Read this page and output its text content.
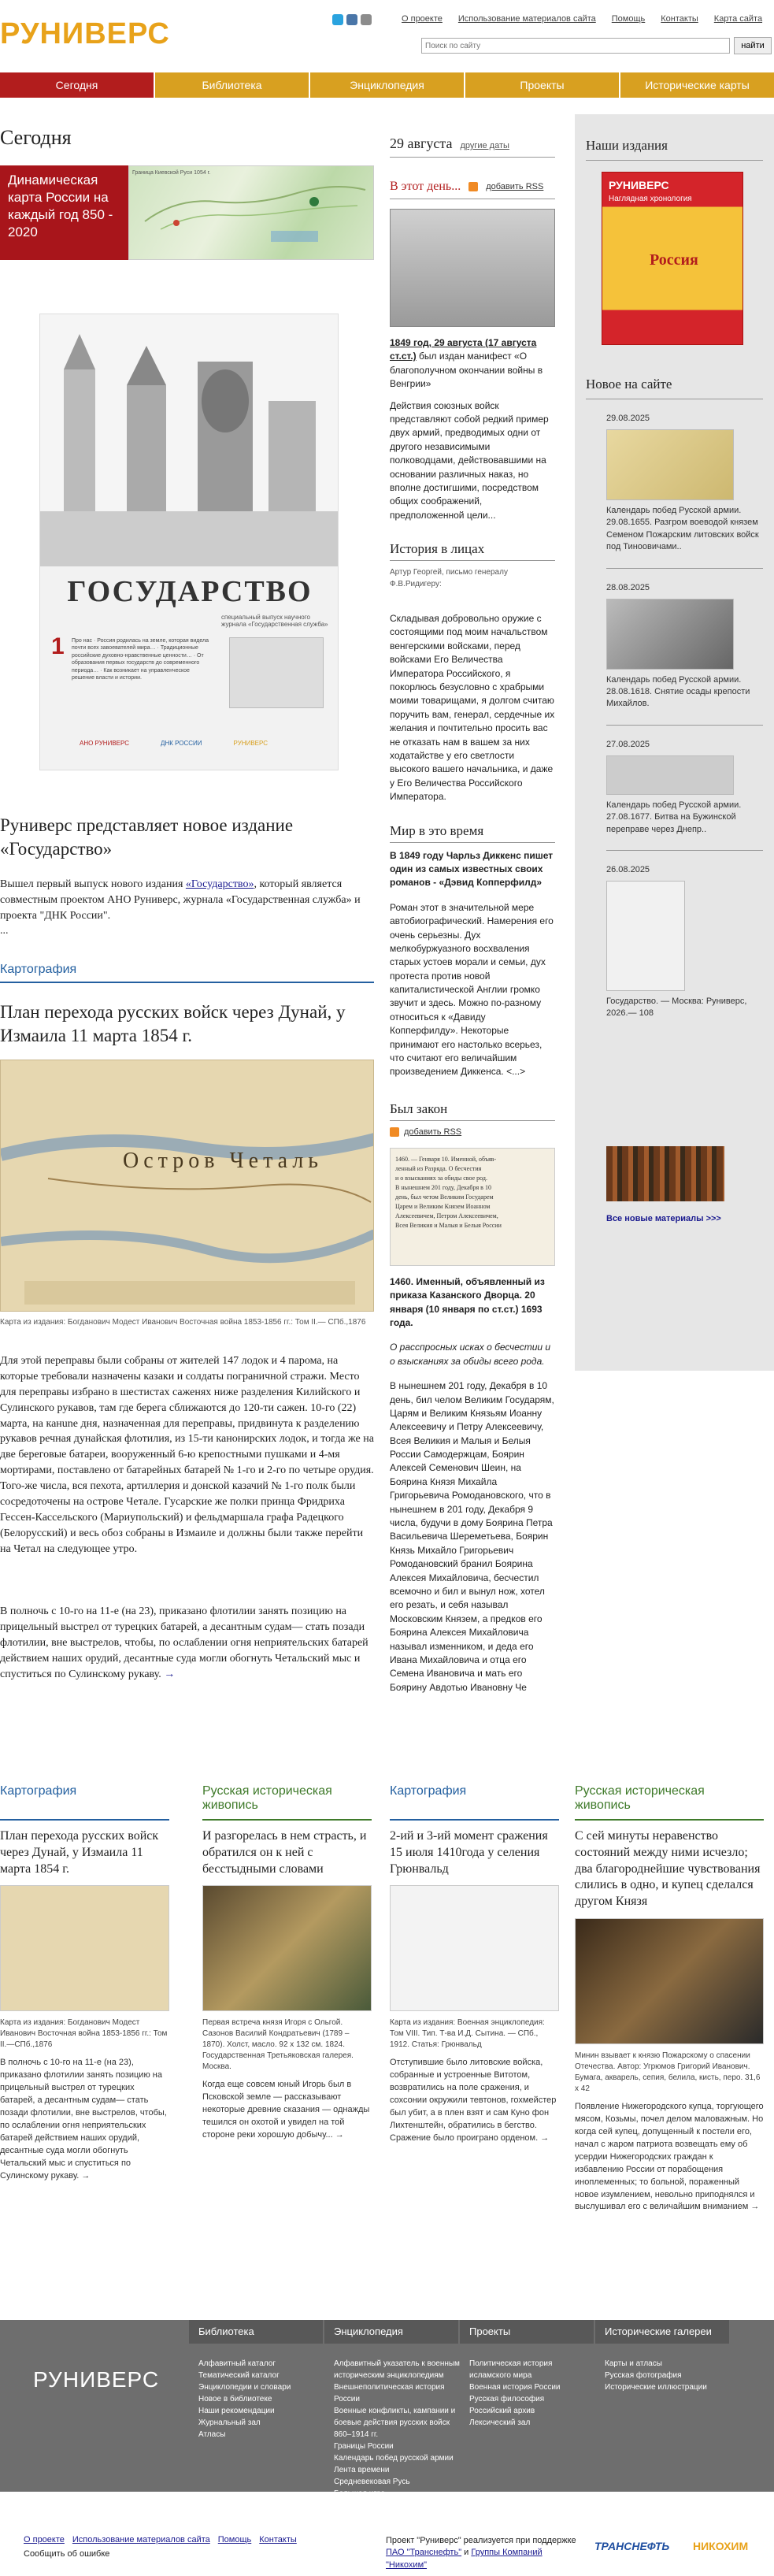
РУНИВЕРС	О проекте	Использование материалов сайта	Помощь	Контакты	Карта сайта
Поиск по сайту
найти
Сегодня	Библиотека	Энциклопедия	Проекты	Исторические карты
Сегодня
Динамическая карта России на каждый год 850 - 2020
Граница Киевской Руси 1054 г.
ГОСУДАРСТВО
специальный выпуск научного журнала «Государственная служба»
1 Про нас · Россия родилась на земле, которая видела почти всех завоевателей мира… · Традиционные российские духовно-нравственные ценности… · От образования первых государств до современного периода… · Как возникает на управленческое решение власти и истории.
АНО РУНИВЕРС	ДНК РОССИИ	РУНИВЕРС
Руниверс представляет новое издание «Государство»

Вышел первый выпуск нового издания «Государство», который является совместным проектом АНО Руниверс, журнала «Государственная служба» и проекта "ДНК России".

...

Картография
План перехода русских войск через Дунай, у Измаила 11 марта 1854 г.
Остров Четаль
Карта из издания: Богданович Модест Иванович Восточная война 1853-1856 гг.: Том II.— СПб.,1876

Для этой переправы были собраны от жителей 147 лодок и 4 парома, на которые требовали назначены казаки и солдаты пограничной стражи. Место для переправы избрано в шестистах саженях ниже разделения Килийского и Сулинского рукавов, там где берега сближаются до 120-ти сажен. 10-го (22) марта, на канune дня, назначенная для переправы, придвинута к разделению рукавов речная дунайская флотилия, из 15-ти канонирских лодок, и тогда же на две береговые батареи, вооруженный 6-ю крепостными пушками и 4-мя мортирами, поставлено от батарейных батарей № 1-го и 2-го по четыре орудия. Того-же числа, вся пехота, артиллерия и донской казачий № 1-го полк были сосредоточены на острове Четале. Гусарские же полки принца Фридриха Гессен-Кассельского (Мариупольский) и фельдмаршала графа Радецкого (Белорусский) и весь обоз собраны в Измаиле и должны были также перейти на Четал на следующее утро.

В полночь с 10-го на 11-е (на 23), приказано флотилии занять позицию на прицельный выстрел от турецких батарей, а десантным судам— стать позади флотилии, вне выстрелов, чтобы, по ослаблении огня неприятельских батарей действием наших орудий, десантные суда могли обогнуть Четальский мыс и спуститься по Сулинскому рукаву. →

29 августа другие даты
В этот день...	добавить RSS

1849 год, 29 августа (17 августа ст.ст.) был издан манифест «О благополучном окончании войны в Венгрии»

Действия союзных войск представляют собой редкий пример двух армий, предводимых одни от другого независимыми полководцами, действовавшими на основании различных наказ, но вполне достигшими, посредством общих соображений, предположенной цели...

История в лицах

Артур Георгей, письмо генералу Ф.В.Ридигеру:

Складывая добровольно оружие с состоящими под моим начальством венгерскими войсками, перед войсками Его Величества Императора Российского, я покорлюсь безусловно с храбрыми моими товарищами, я долгом считаю поручить вам, генерал, сердечные их желания и почтительно просить вас не отказать нам в вашем за них ходатайстве у его светлости высокого вашего начальника, и даже у Его Величества Российского Императора.

Мир в это время

В 1849 году Чарльз Диккенс пишет один из самых известных своих романов - «Дэвид Копперфилд»

Роман этот в значительной мере автобиографический. Намерения его очень серьезны. Дух мелкобуржуазного восхваления старых устоев морали и семьи, дух протеста против новой капиталистической Англии громко звучит и здесь. Можно по-разному относиться к «Давиду Копперфилду». Некоторые принимают его настолько всерьез, что считают его величайшим произведением Диккенса. <...>

Был закон
добавить RSS
1460. — Генваря 10. Именной, объяв-
ленный из Разряда. О бесчестия
и о взысканиях за обиды свое род.
В нынешнем 201 году, Декабря в 10
день, был четом Великим Государем
Царем и Великим Князем Иоанном
Алексеевичем, Петром Алексеевичем,
Всея Великия и Малыя и Белыя России

1460. Именный, объявленный из приказа Казанского Дворца. 20 января (10 января по ст.ст.) 1693 года.

О расспросных исках о бесчестии и о взысканиях за обиды всего рода.

В нынешнем 201 году, Декабря в 10 день, бил челом Великим Государям, Царям и Великим Князьям Иоанну Алексеевичу и Петру Алексеевичу, Всея Великия и Малыя и Белыя России Самодержцам, Боярин Алексей Семенович Шеин, на Боярина Князя Михайла Григорьевича Ромодановского, что в нынешнем в 201 году, Декабря 9 числа, будучи в дому Боярина Петра Васильевича Шереметьева, Боярин Князь Михайло Григорьевич Ромодановский бранил Боярина Алексея Михайловича, бесчестил всемочно и бил и вынул нож, хотел его резать, и себя называл Московским Князем, а предков его Боярина Алексея Михайловича называл изменником, и деда его Ивана Михайловича и отца его Семена Ивановича и мать его Боярину Авдотью Ивановну Че

Наши издания
РУНИВЕРС
Наглядная хронология
Россия
Новое на сайте
29.08.2025
Календарь побед Русской армии. 29.08.1655. Разгром воеводой князем Семеном Пожарским литовских войск под Тиноовичами..
28.08.2025
Календарь побед Русской армии. 28.08.1618. Снятие осады крепости Михайлов.
27.08.2025
Календарь побед Русской армии. 27.08.1677. Битва на Бужинской переправе через Днепр..
26.08.2025
Государство. — Москва: Руниверс, 2026.— 108
Все новые материалы >>>
Картография
План перехода русских войск через Дунай, у Измаила 11 марта 1854 г.
Карта из издания: Богданович Модест Иванович Восточная война 1853-1856 гг.: Том II.—СПб.,1876
В полночь с 10-го на 11-е (на 23), приказано флотилии занять позицию на прицельный выстрел от турецких батарей, а десантным судам— стать позади флотилии, вне выстрелов, чтобы, по ослаблении огня неприятельских батарей действием наших орудий, десантные суда могли обогнуть Четальский мыс и спуститься по Сулинскому рукаву. →
Русская историческая живопись
И разгорелась в нем страсть, и обратился он к ней с бесстыдными словами
Первая встреча князя Игоря с Ольгой. Сазонов Василий Кондратьевич (1789 – 1870). Холст, масло. 92 х 132 см. 1824. Государственная Третьяковская галерея. Москва.
Когда еще совсем юный Игорь был в Псковской земле — рассказывают некоторые древние сказания — однажды тешился он охотой и увидел на той стороне реки хорошую добычу... →
Картография
2-ий и 3-ий момент сражения 15 июля 1410года у селения Грюнвальд
Карта из издания: Военная энциклопедия: Том VIII. Тип. Т-ва И.Д. Сытина. — СПб., 1912. Статья: Грюнвальд
Отступившие было литовские войска, собранные и устроенные Витотом, возвратились на поле сражения, и сохсонии окружили тевтонов, гохмейстер был убит, а в плен взят и сам Куно фон Лихтенштейн, обратились в бегство. Сражение было проиграно орденом. →
Русская историческая живопись
С сей минуты неравенство состояний между ними исчезло; два благороднейшие чувствования слились в одно, и купец сделался другом Князя
Минин взывает к князю Пожарскому о спасении Отечества. Автор: Угрюмов Григорий Иванович. Бумага, акварель, сепия, белила, кисть, перо. 31,6 х 42
Появление Нижегородского купца, торгующего мясом, Козьмы, почел делом маловажным. Но когда сей купец, допущенный к постели его, начал с жаром патриота возвещать ему об усердии Нижегородских граждан к избавлению России от порабощения иноплеменных; то больной, пораженный новое изумлением, невольно приподнялся и выслушивал его с величайшим вниманием →
Библиотека	Энциклопедия	Проекты	Исторические галереи
РУНИВЕРС
Алфавитный каталог
Тематический каталог
Энциклопедии и словари
Новое в библиотеке
Наши рекомендации
Журнальный зал
Атласы
Алфавитный указатель к военным историческим энциклопедиям
Внешнеполитическая история России
Военные конфликты, кампании и боевые действия русских войск 860–1914 гг.
Границы России
Календарь побед русской армии
Лента времени
Средневековая Русь
Большая игра
Политическая история исламского мира
Военная история России
Русская философия
Российский архив
Лексический зал
Карты и атласы
Русская фотография
Исторические иллюстрации
О проекте Использование материалов сайта Помощь Контакты
Сообщить об ошибке
Проект "Руниверс" реализуется при поддержке
ПАО "Транснефть" и Группы Компаний "Никохим"
ТРАНСНЕФТЬ НИКОХИМ
